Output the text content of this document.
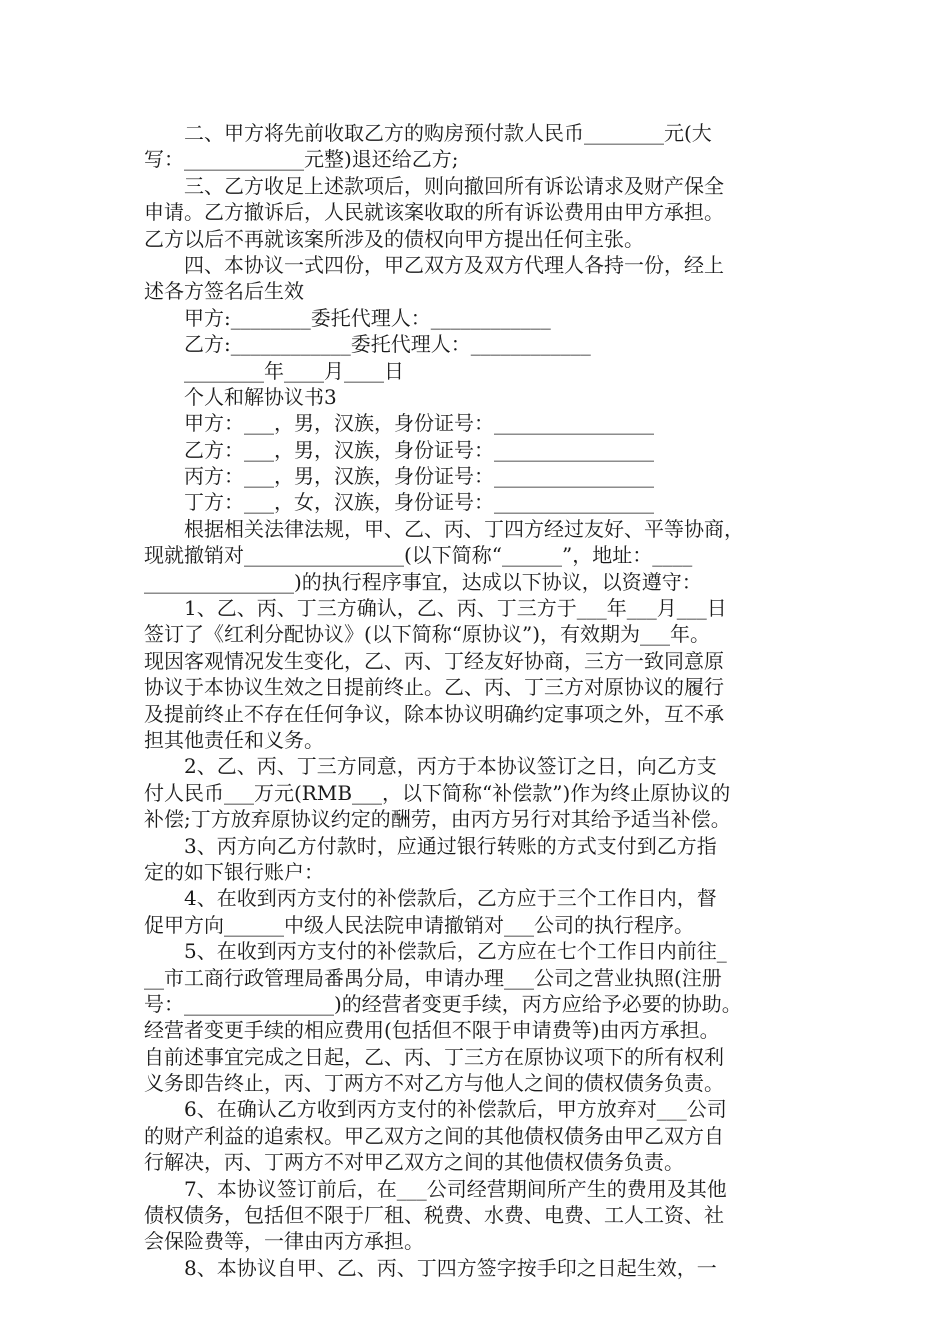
　　二、甲方将先前收取乙方的购房预付款人民币________元(大
写：____________元整)退还给乙方;
　　三、乙方收足上述款项后，则向撤回所有诉讼请求及财产保全
申请。乙方撤诉后，人民就该案收取的所有诉讼费用由甲方承担。
乙方以后不再就该案所涉及的债权向甲方提出任何主张。
　　四、本协议一式四份，甲乙双方及双方代理人各持一份，经上
述各方签名后生效
　　甲方:________委托代理人：____________
　　乙方:____________委托代理人：____________
　　________年____月____日
　　个人和解协议书3
　　甲方：___，男，汉族，身份证号：________________
　　乙方：___，男，汉族，身份证号：________________
　　丙方：___，男，汉族，身份证号：________________
　　丁方：___，女，汉族，身份证号：________________
　　根据相关法律法规，甲、乙、丙、丁四方经过友好、平等协商，
现就撤销对________________(以下简称“______”，地址：____
_______________)的执行程序事宜，达成以下协议，以资遵守：
　　1、乙、丙、丁三方确认，乙、丙、丁三方于___年___月___日
签订了《红利分配协议》(以下简称“原协议”)，有效期为___年。
现因客观情况发生变化，乙、丙、丁经友好协商，三方一致同意原
协议于本协议生效之日提前终止。乙、丙、丁三方对原协议的履行
及提前终止不存在任何争议，除本协议明确约定事项之外，互不承
担其他责任和义务。
　　2、乙、丙、丁三方同意，丙方于本协议签订之日，向乙方支
付人民币___万元(RMB___，以下简称“补偿款”)作为终止原协议的
补偿;丁方放弃原协议约定的酬劳，由丙方另行对其给予适当补偿。
　　3、丙方向乙方付款时，应通过银行转账的方式支付到乙方指
定的如下银行账户：
　　4、在收到丙方支付的补偿款后，乙方应于三个工作日内，督
促甲方向______中级人民法院申请撤销对___公司的执行程序。
　　5、在收到丙方支付的补偿款后，乙方应在七个工作日内前往_
__市工商行政管理局番禺分局，申请办理___公司之营业执照(注册
号：_______________)的经营者变更手续，丙方应给予必要的协助。
经营者变更手续的相应费用(包括但不限于申请费等)由丙方承担。
自前述事宜完成之日起，乙、丙、丁三方在原协议项下的所有权利
义务即告终止，丙、丁两方不对乙方与他人之间的债权债务负责。
　　6、在确认乙方收到丙方支付的补偿款后，甲方放弃对___公司
的财产利益的追索权。甲乙双方之间的其他债权债务由甲乙双方自
行解决，丙、丁两方不对甲乙双方之间的其他债权债务负责。
　　7、本协议签订前后，在___公司经营期间所产生的费用及其他
债权债务，包括但不限于厂租、税费、水费、电费、工人工资、社
会保险费等，一律由丙方承担。
　　8、本协议自甲、乙、丙、丁四方签字按手印之日起生效，一
